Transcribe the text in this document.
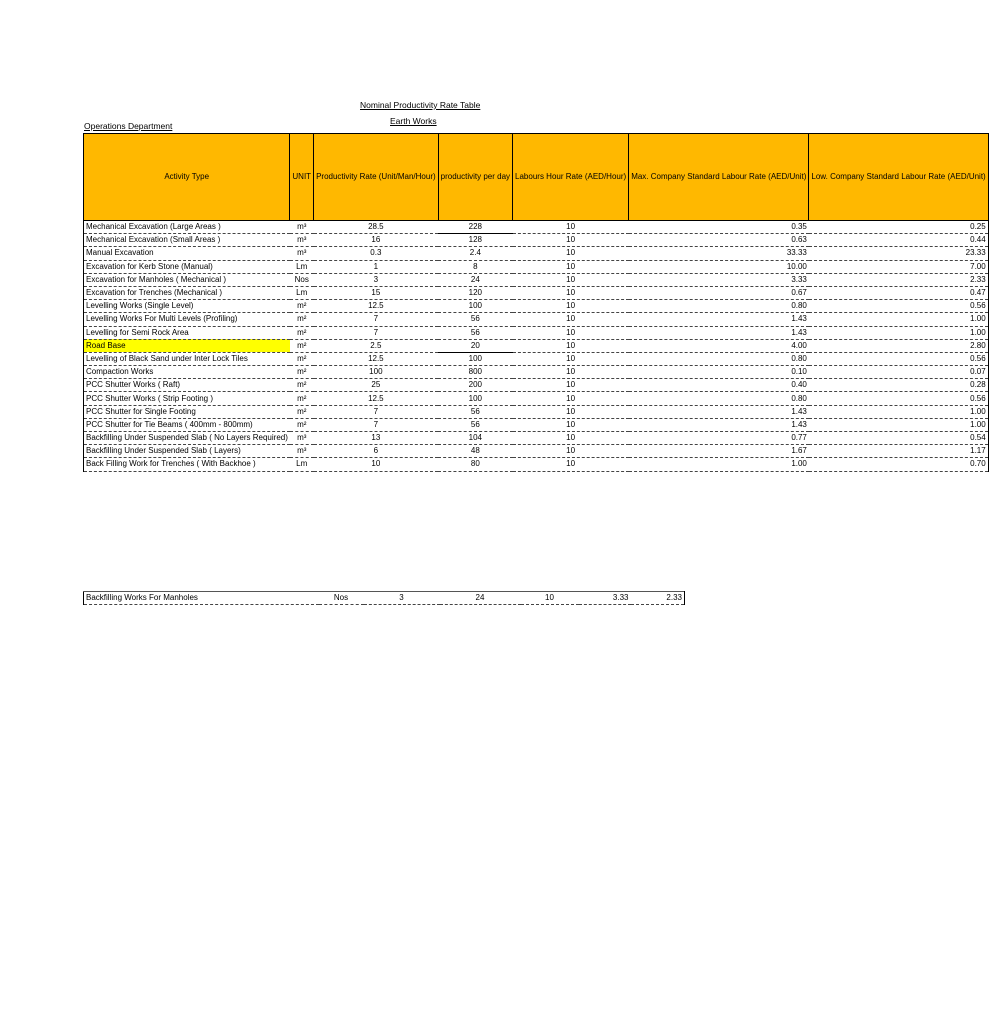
Nominal Productivity Rate Table
Earth Works
Operations Department
Activity Type	UNIT	Productivity Rate (Unit/Man/Hour)	productivity per day	Labours Hour Rate (AED/Hour)	Max. Company Standard Labour Rate (AED/Unit)	Low. Company Standard Labour Rate (AED/Unit)
Mechanical Excavation (Large Areas )	m³	28.5	228	10	0.35	0.25
Mechanical Excavation (Small Areas )	m³	16	128	10	0.63	0.44
Manual Excavation	m³	0.3	2.4	10	33.33	23.33
Excavation for Kerb Stone (Manual)	Lm	1	8	10	10.00	7.00
Excavation for Manholes ( Mechanical )	Nos	3	24	10	3.33	2.33
Excavation for Trenches (Mechanical )	Lm	15	120	10	0.67	0.47
Levelling Works (Single Level)	m²	12.5	100	10	0.80	0.56
Levelling Works For Multi Levels (Profiling)	m²	7	56	10	1.43	1.00
Levelling for Semi Rock Area	m²	7	56	10	1.43	1.00
Road Base	m²	2.5	20	10	4.00	2.80
Levelling of Black Sand under Inter Lock Tiles	m²	12.5	100	10	0.80	0.56
Compaction Works	m²	100	800	10	0.10	0.07
PCC Shutter Works ( Raft)	m²	25	200	10	0.40	0.28
PCC Shutter Works ( Strip Footing )	m²	12.5	100	10	0.80	0.56
PCC Shutter for Single Footing	m²	7	56	10	1.43	1.00
PCC Shutter for Tie Beams ( 400mm - 800mm)	m²	7	56	10	1.43	1.00
Backfilling Under Suspended Slab ( No Layers Required)	m³	13	104	10	0.77	0.54
Backfilling Under Suspended Slab ( Layers)	m³	6	48	10	1.67	1.17
Back Filling Work for Trenches ( With Backhoe )	Lm	10	80	10	1.00	0.70
Backfilling Works For Manholes	Nos	3	24	10	3.33	2.33
